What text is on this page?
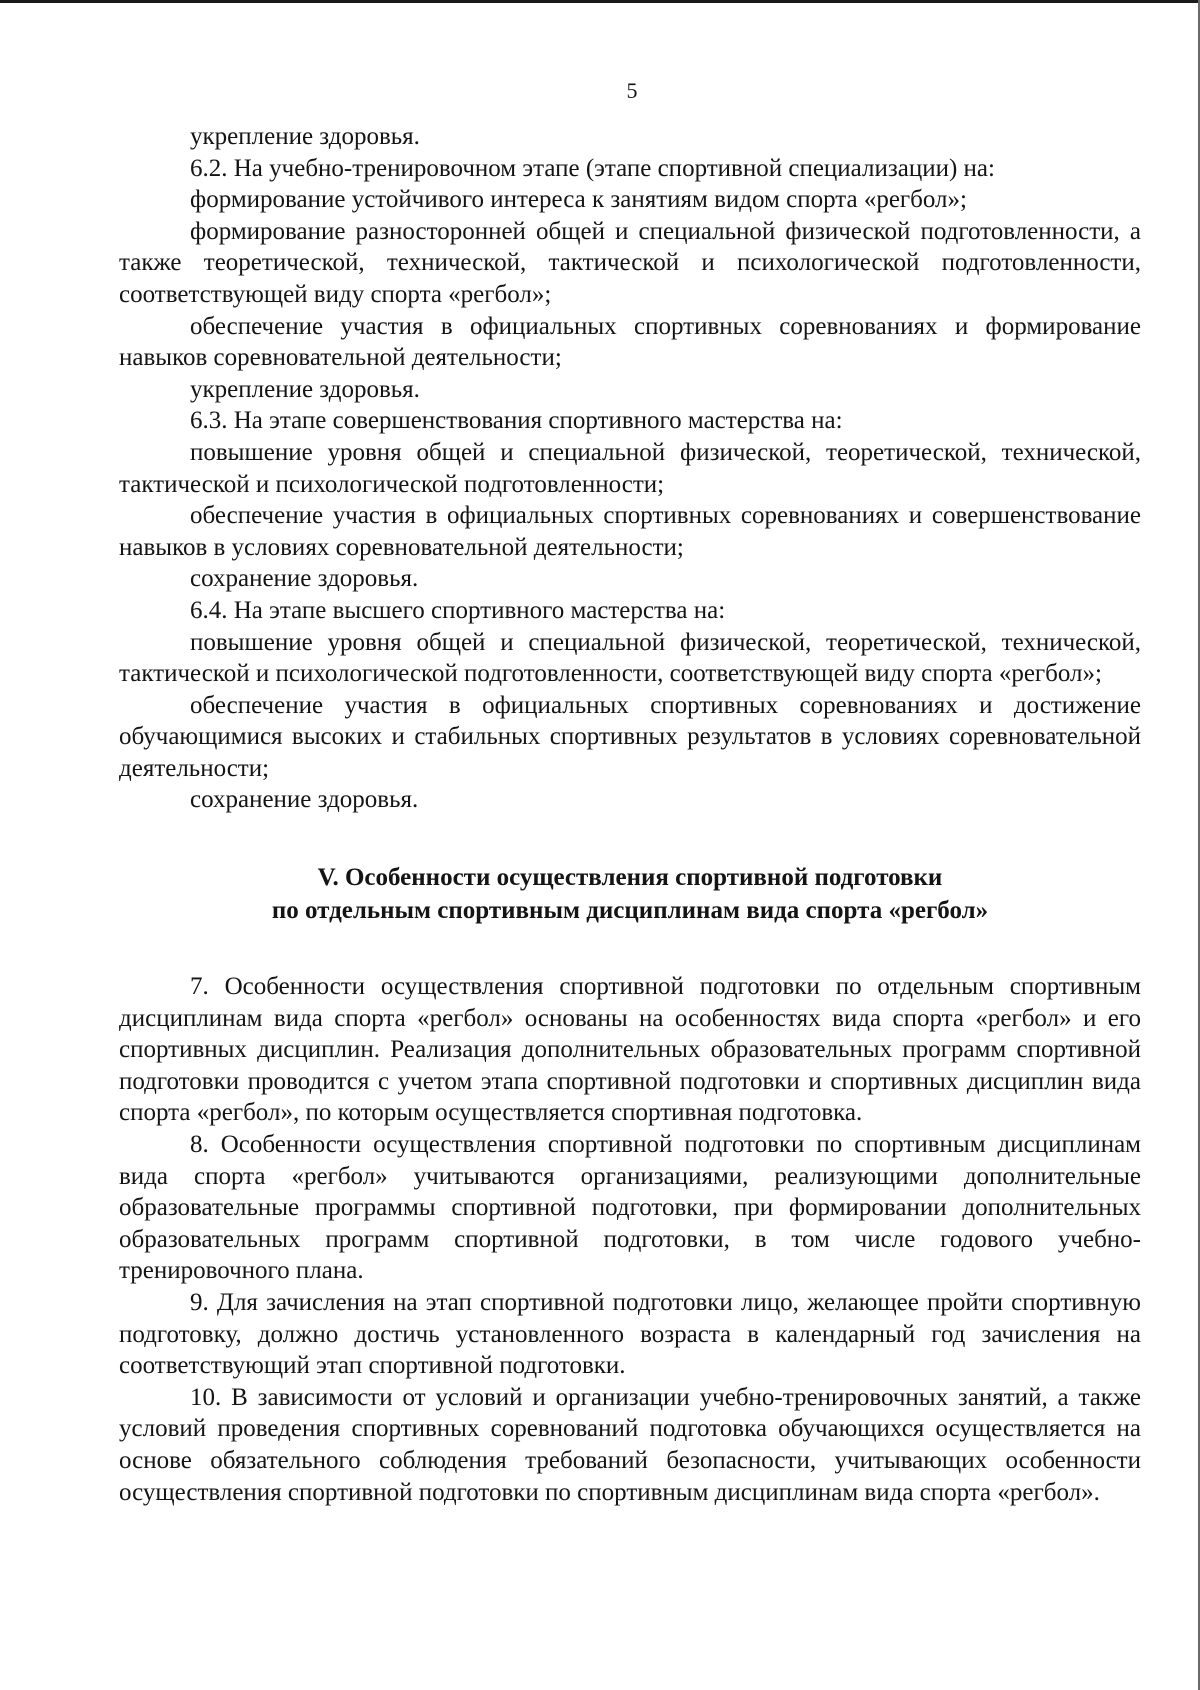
5

укрепление здоровья.

6.2. На учебно-тренировочном этапе (этапе спортивной специализации) на:

формирование устойчивого интереса к занятиям видом спорта «регбол»;

формирование разносторонней общей и специальной физической подготовленности, а также теоретической, технической, тактической и психологической подготовленности, соответствующей виду спорта «регбол»;

обеспечение участия в официальных спортивных соревнованиях и формирование навыков соревновательной деятельности;

укрепление здоровья.

6.3. На этапе совершенствования спортивного мастерства на:

повышение уровня общей и специальной физической, теоретической, технической, тактической и психологической подготовленности;

обеспечение участия в официальных спортивных соревнованиях и совершенствование навыков в условиях соревновательной деятельности;

сохранение здоровья.

6.4. На этапе высшего спортивного мастерства на:

повышение уровня общей и специальной физической, теоретической, технической, тактической и психологической подготовленности, соответствующей виду спорта «регбол»;

обеспечение участия в официальных спортивных соревнованиях и достижение обучающимися высоких и стабильных спортивных результатов в условиях соревновательной деятельности;

сохранение здоровья.

V. Особенности осуществления спортивной подготовки
по отдельным спортивным дисциплинам вида спорта «регбол»

7. Особенности осуществления спортивной подготовки по отдельным спортивным дисциплинам вида спорта «регбол» основаны на особенностях вида спорта «регбол» и его спортивных дисциплин. Реализация дополнительных образовательных программ спортивной подготовки проводится с учетом этапа спортивной подготовки и спортивных дисциплин вида спорта «регбол», по которым осуществляется спортивная подготовка.

8. Особенности осуществления спортивной подготовки по спортивным дисциплинам вида спорта «регбол» учитываются организациями, реализующими дополнительные образовательные программы спортивной подготовки, при формировании дополнительных образовательных программ спортивной подготовки, в том числе годового учебно-тренировочного плана.

9. Для зачисления на этап спортивной подготовки лицо, желающее пройти спортивную подготовку, должно достичь установленного возраста в календарный год зачисления на соответствующий этап спортивной подготовки.

10. В зависимости от условий и организации учебно-тренировочных занятий, а также условий проведения спортивных соревнований подготовка обучающихся осуществляется на основе обязательного соблюдения требований безопасности, учитывающих особенности осуществления спортивной подготовки по спортивным дисциплинам вида спорта «регбол».
